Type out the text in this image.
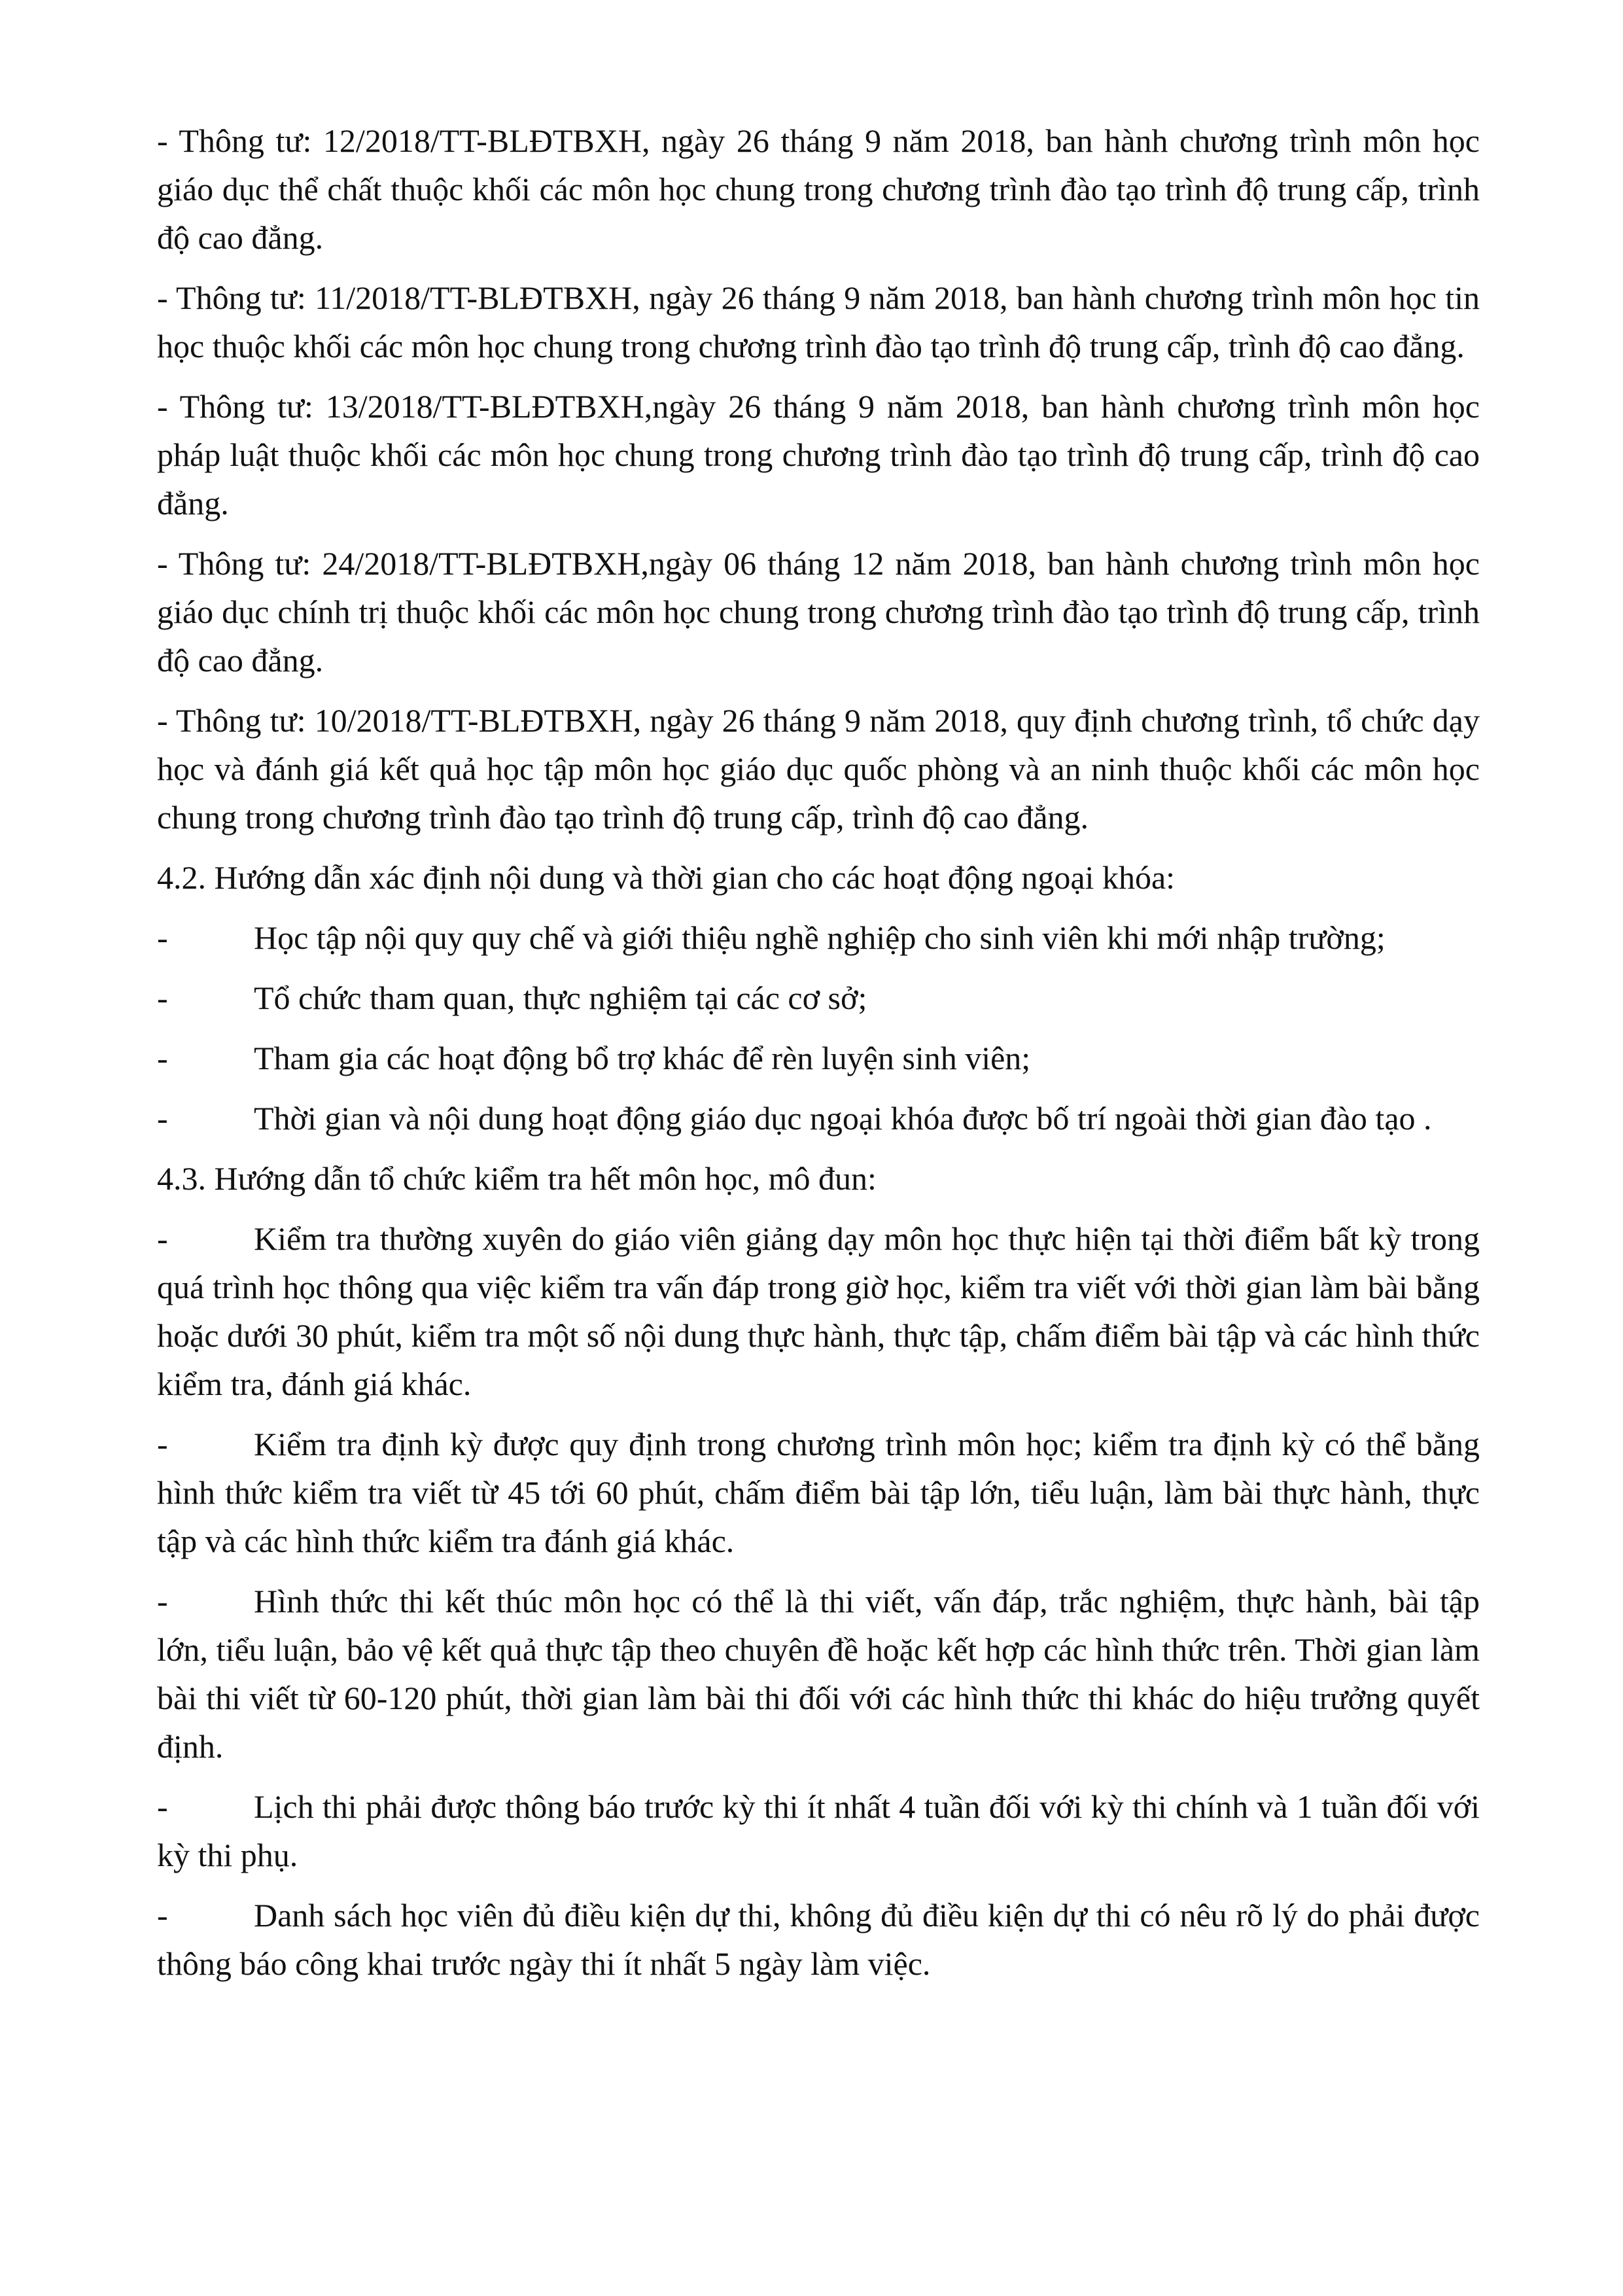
- Thông tư: 12/2018/TT-BLĐTBXH, ngày 26 tháng 9 năm 2018, ban hành chương trình môn học giáo dục thể chất thuộc khối các môn học chung trong chương trình đào tạo trình độ trung cấp, trình độ cao đẳng.

- Thông tư: 11/2018/TT-BLĐTBXH, ngày 26 tháng 9 năm 2018, ban hành chương trình môn học tin học thuộc khối các môn học chung trong chương trình đào tạo trình độ trung cấp, trình độ cao đẳng.

- Thông tư: 13/2018/TT-BLĐTBXH,ngày 26 tháng 9 năm 2018, ban hành chương trình môn học pháp luật thuộc khối các môn học chung trong chương trình đào tạo trình độ trung cấp, trình độ cao đẳng.

- Thông tư: 24/2018/TT-BLĐTBXH,ngày 06 tháng 12 năm 2018, ban hành chương trình môn học giáo dục chính trị thuộc khối các môn học chung trong chương trình đào tạo trình độ trung cấp, trình độ cao đẳng.

- Thông tư: 10/2018/TT-BLĐTBXH, ngày 26 tháng 9 năm 2018, quy định chương trình, tổ chức dạy học và đánh giá kết quả học tập môn học giáo dục quốc phòng và an ninh thuộc khối các môn học chung trong chương trình đào tạo trình độ trung cấp, trình độ cao đẳng.

4.2. Hướng dẫn xác định nội dung và thời gian cho các hoạt động ngoại khóa:

-	Học tập nội quy quy chế và giới thiệu nghề nghiệp cho sinh viên khi mới nhập trường;

-	Tổ chức tham quan, thực nghiệm tại các cơ sở;

-	Tham gia các hoạt động bổ trợ khác để rèn luyện sinh viên;

-	Thời gian và nội dung hoạt động giáo dục ngoại khóa được bố trí ngoài thời gian đào tạo .

4.3. Hướng dẫn tổ chức kiểm tra hết môn học, mô đun:

-	Kiểm tra thường xuyên do giáo viên giảng dạy môn học thực hiện tại thời điểm bất kỳ trong quá trình học thông qua việc kiểm tra vấn đáp trong giờ học, kiểm tra viết với thời gian làm bài bằng hoặc dưới 30 phút, kiểm tra một số nội dung thực hành, thực tập, chấm điểm bài tập và các hình thức kiểm tra, đánh giá khác.

-	Kiểm tra định kỳ được quy định trong chương trình môn học; kiểm tra định kỳ có thể bằng hình thức kiểm tra viết từ 45 tới 60 phút, chấm điểm bài tập lớn, tiểu luận, làm bài thực hành, thực tập và các hình thức kiểm tra đánh giá khác.

-	Hình thức thi kết thúc môn học có thể là thi viết, vấn đáp, trắc nghiệm, thực hành, bài tập lớn, tiểu luận, bảo vệ kết quả thực tập theo chuyên đề hoặc kết hợp các hình thức trên. Thời gian làm bài thi viết từ 60-120 phút, thời gian làm bài thi đối với các hình thức thi khác do hiệu trưởng quyết định.

-	Lịch thi phải được thông báo trước kỳ thi ít nhất 4 tuần đối với kỳ thi chính và 1 tuần đối với kỳ thi phụ.

-	Danh sách học viên đủ điều kiện dự thi, không đủ điều kiện dự thi có nêu rõ lý do phải được thông báo công khai trước ngày thi ít nhất 5 ngày làm việc.
